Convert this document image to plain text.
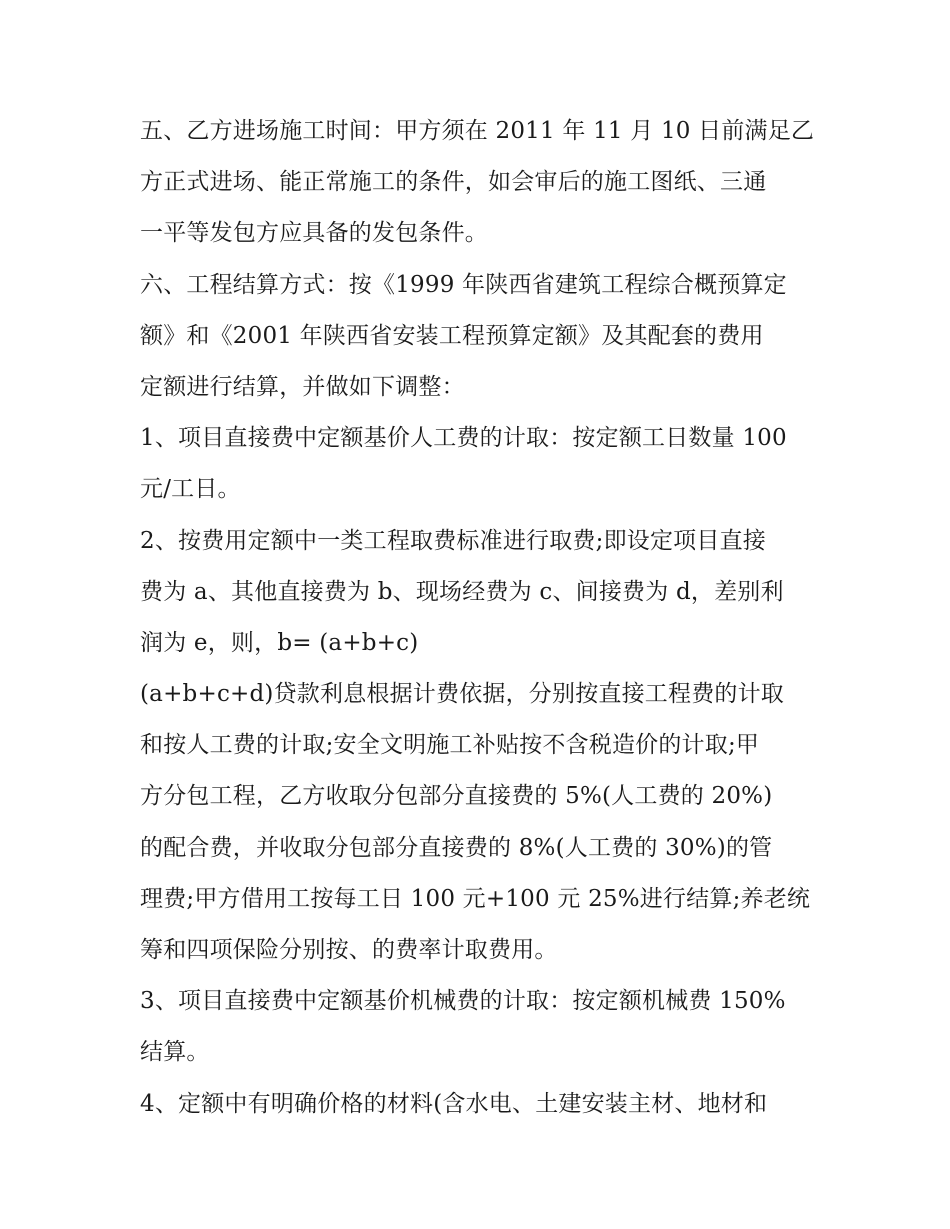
五、乙方进场施工时间：甲方须在 2011 年 11 月 10 日前满足乙
方正式进场、能正常施工的条件，如会审后的施工图纸、三通
一平等发包方应具备的发包条件。
六、工程结算方式：按《1999 年陕西省建筑工程综合概预算定
额》和《2001 年陕西省安装工程预算定额》及其配套的费用
定额进行结算，并做如下调整：
1、项目直接费中定额基价人工费的计取：按定额工日数量 100
元/工日。
2、按费用定额中一类工程取费标准进行取费;即设定项目直接
费为 a、其他直接费为 b、现场经费为 c、间接费为 d，差别利
润为 e，则，b= (a+b+c)
(a+b+c+d)贷款利息根据计费依据，分别按直接工程费的计取
和按人工费的计取;安全文明施工补贴按不含税造价的计取;甲
方分包工程，乙方收取分包部分直接费的 5%(人工费的 20%)
的配合费，并收取分包部分直接费的 8%(人工费的 30%)的管
理费;甲方借用工按每工日 100 元+100 元 25%进行结算;养老统
筹和四项保险分别按、的费率计取费用。
3、项目直接费中定额基价机械费的计取：按定额机械费 150%
结算。
4、定额中有明确价格的材料(含水电、土建安装主材、地材和
